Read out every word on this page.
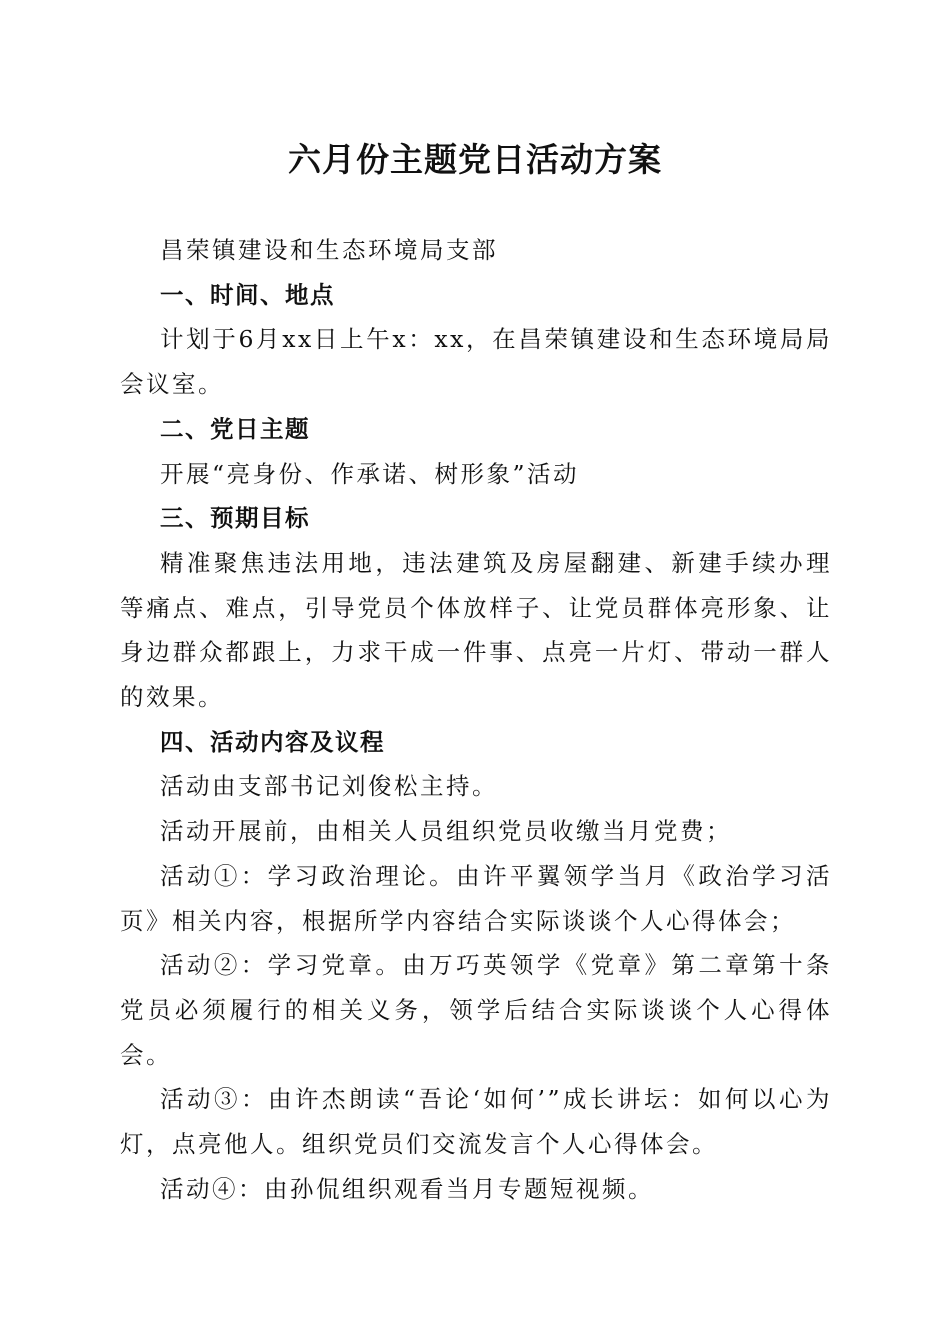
六月份主题党日活动方案

昌荣镇建设和生态环境局支部

一、时间、地点

计划于6月xx日上午x：xx，在昌荣镇建设和生态环境局局会议室。

二、党日主题

开展“亮身份、作承诺、树形象”活动

三、预期目标

精准聚焦违法用地，违法建筑及房屋翻建、新建手续办理等痛点、难点，引导党员个体放样子、让党员群体亮形象、让身边群众都跟上，力求干成一件事、点亮一片灯、带动一群人的效果。

四、活动内容及议程

活动由支部书记刘俊松主持。

活动开展前，由相关人员组织党员收缴当月党费；

活动①：学习政治理论。由许平翼领学当月《政治学习活页》相关内容，根据所学内容结合实际谈谈个人心得体会；

活动②：学习党章。由万巧英领学《党章》第二章第十条党员必须履行的相关义务，领学后结合实际谈谈个人心得体会。

活动③：由许杰朗读“吾论‘如何’”成长讲坛：如何以心为灯，点亮他人。组织党员们交流发言个人心得体会。

活动④：由孙侃组织观看当月专题短视频。
